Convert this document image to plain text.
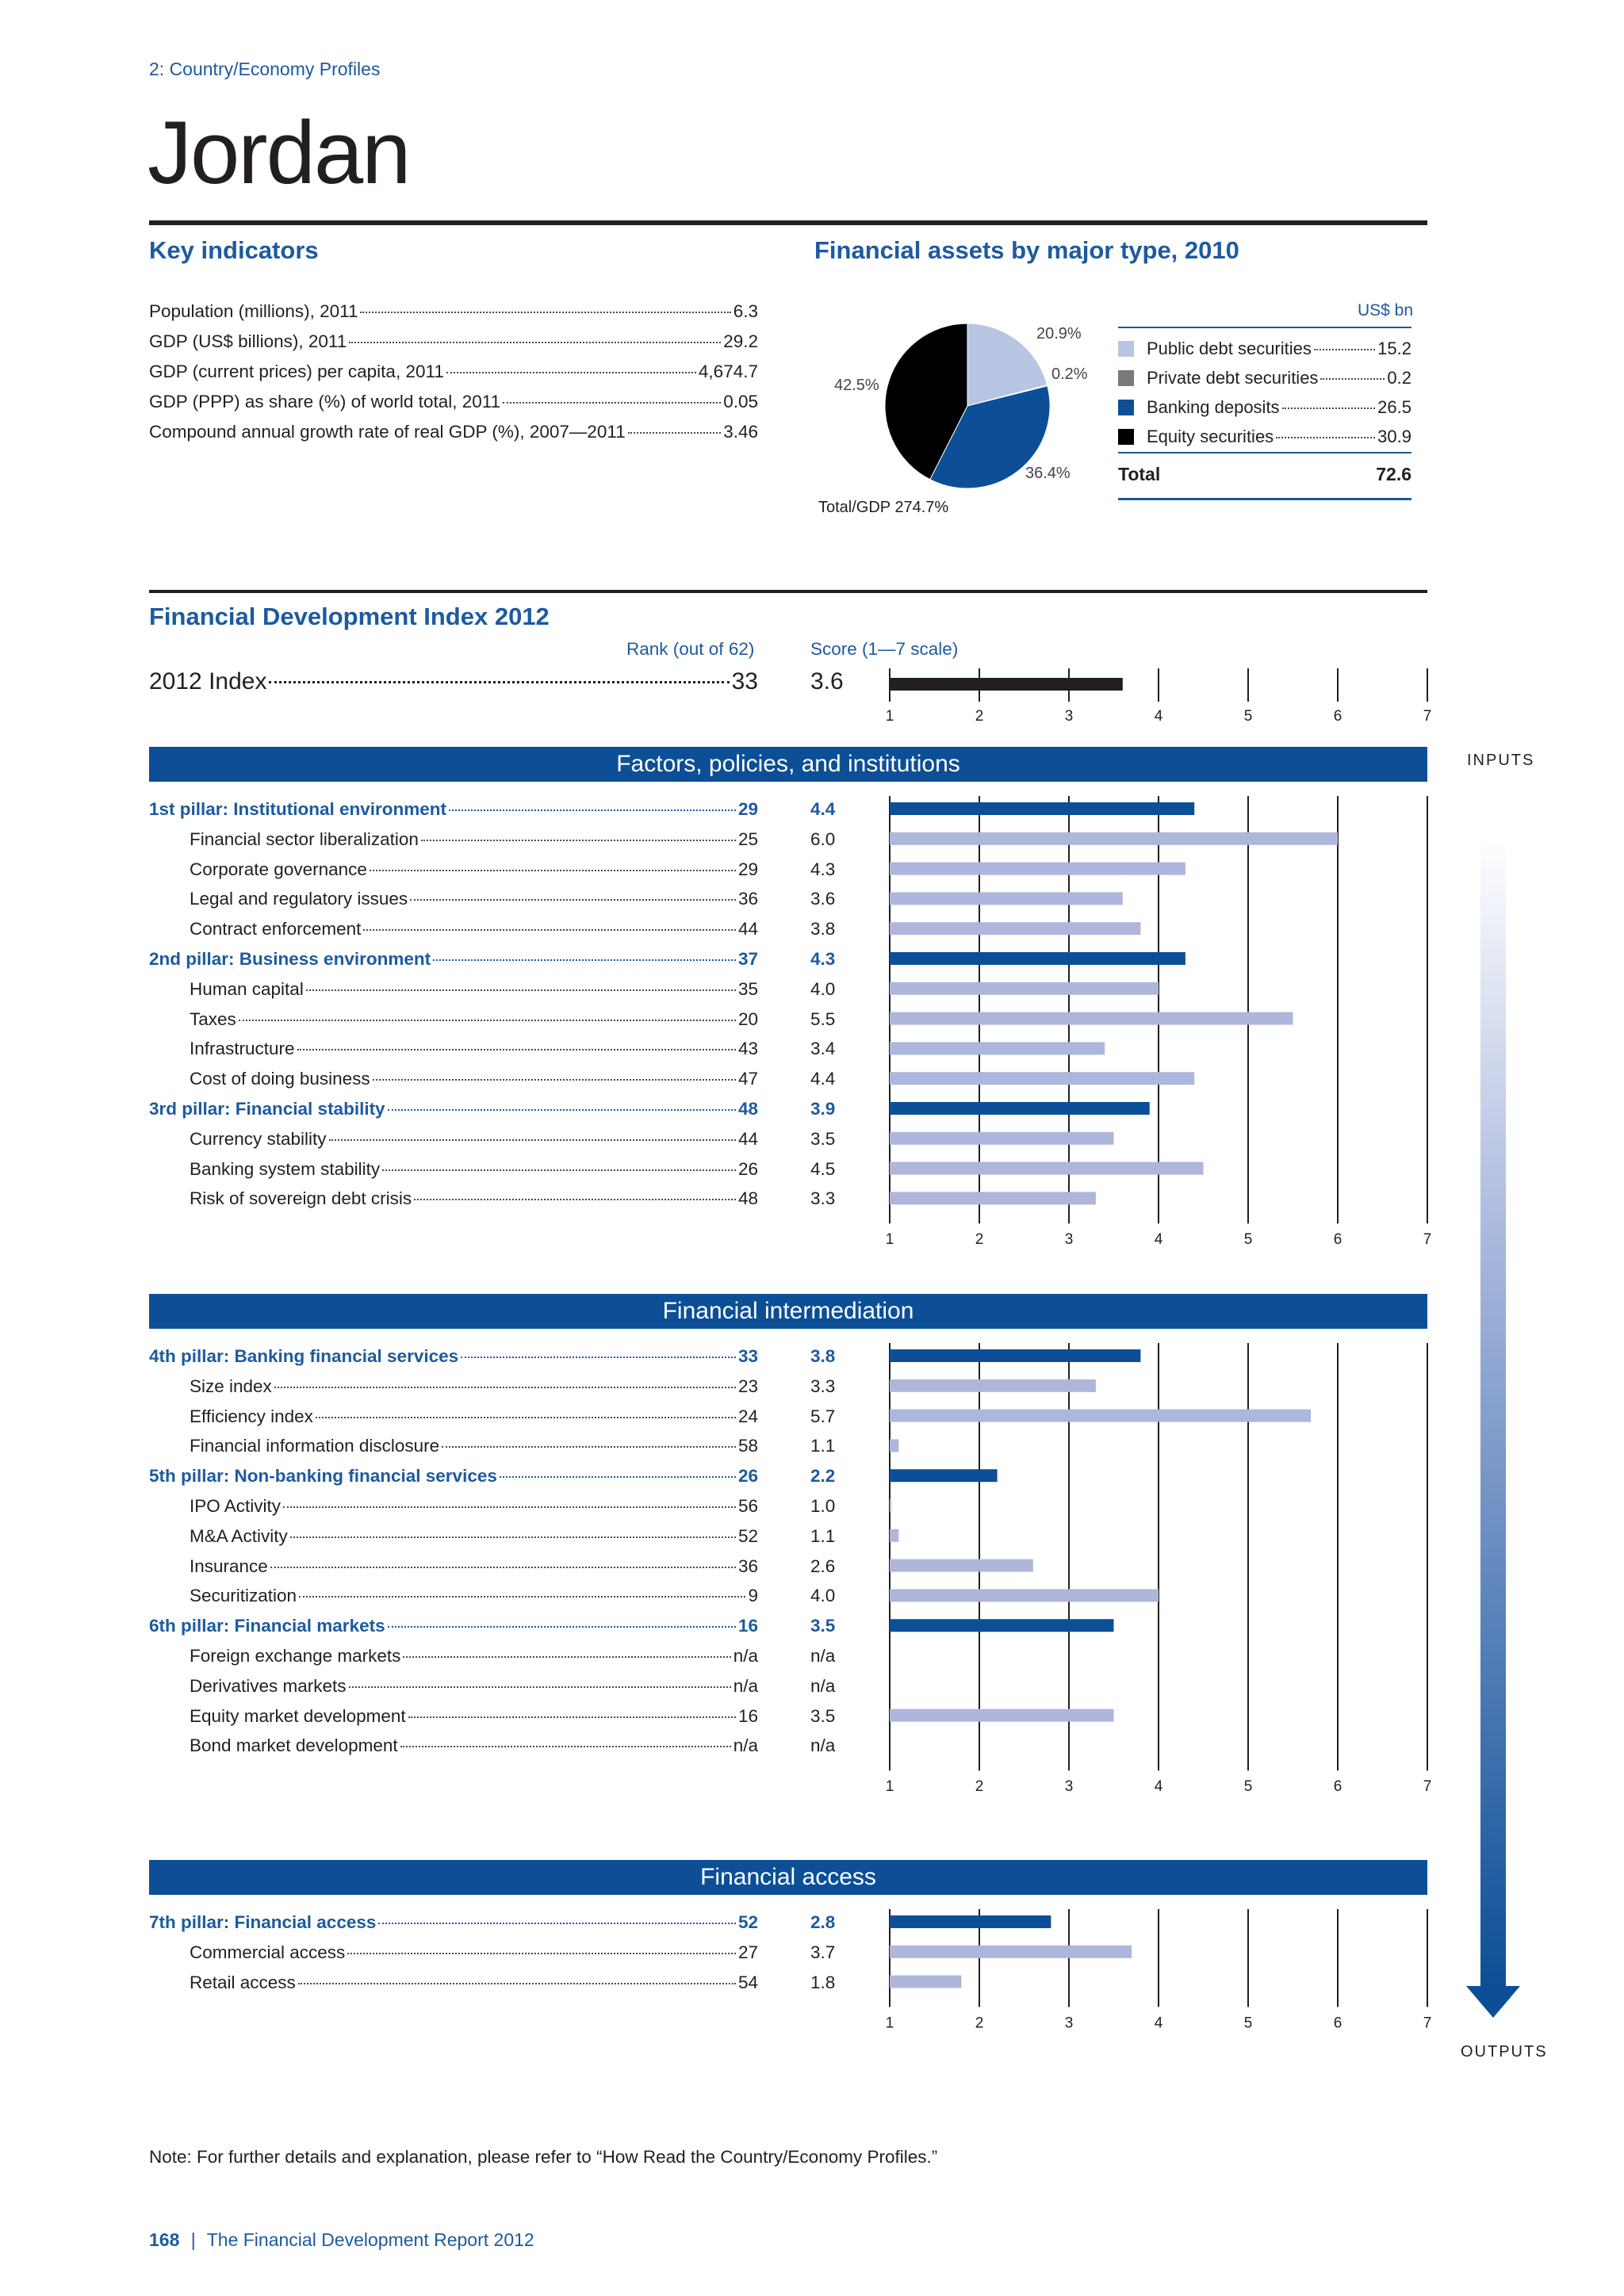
2: Country/Economy Profiles
Jordan
Key indicators
Population (millions), 2011	6.3
GDP (US$ billions), 2011	29.2
GDP (current prices) per capita, 2011	4,674.7
GDP (PPP) as share (%) of world total, 2011	0.05
Compound annual growth rate of real GDP (%), 2007—2011	3.46
Financial assets by major type, 2010
20.9%
0.2%
36.4%
42.5%
Total/GDP 274.7%
US$ bn
Public debt securities	15.2
Private debt securities	0.2
Banking deposits	26.5
Equity securities	30.9
Total	72.6
Financial Development Index 2012
Rank (out of 62)	Score (1—7 scale)
2012 Index	33 3.6
1	2	3	4	5	6	7
Factors, policies, and institutions
1st pillar: Institutional environment	29	4.4
Financial sector liberalization	25	6.0
Corporate governance	29	4.3
Legal and regulatory issues	36	3.6
Contract enforcement	44	3.8
2nd pillar: Business environment	37	4.3
Human capital	35	4.0
Taxes	20	5.5
Infrastructure	43	3.4
Cost of doing business	47	4.4
3rd pillar: Financial stability	48	3.9
Currency stability	44	3.5
Banking system stability	26	4.5
Risk of sovereign debt crisis	48	3.3
1	2	3	4	5	6	7
Financial intermediation
4th pillar: Banking financial services	33	3.8
Size index	23	3.3
Efficiency index	24	5.7
Financial information disclosure	58	1.1
5th pillar: Non-banking financial services	26	2.2
IPO Activity	56	1.0
M&A Activity	52	1.1
Insurance	36	2.6
Securitization	9	4.0
6th pillar: Financial markets	16	3.5
Foreign exchange markets	n/a	n/a
Derivatives markets	n/a	n/a
Equity market development	16	3.5
Bond market development	n/a	n/a
1	2	3	4	5	6	7
Financial access
7th pillar: Financial access	52	2.8
Commercial access	27	3.7
Retail access	54	1.8
1	2	3	4	5	6	7
INPUTS
OUTPUTS
Note: For further details and explanation, please refer to “How Read the Country/Economy Profiles.”
168 | The Financial Development Report 2012
